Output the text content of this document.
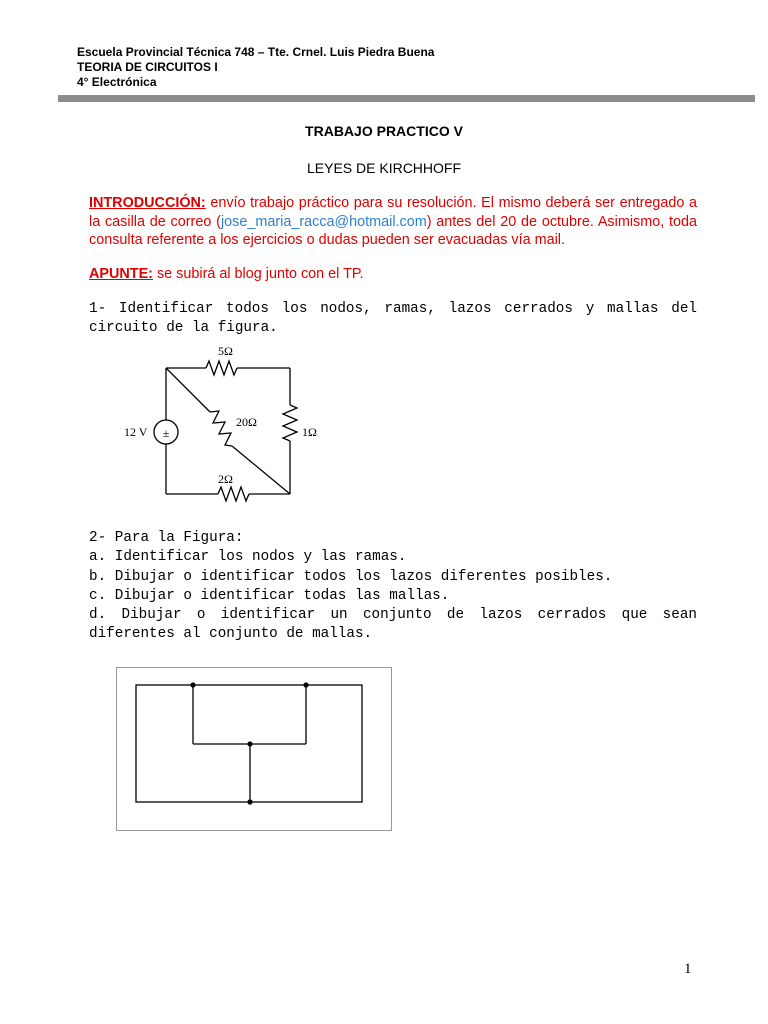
Escuela Provincial Técnica 748 – Tte. Crnel. Luis Piedra Buena
TEORIA DE CIRCUITOS I
4° Electrónica
TRABAJO PRACTICO V
LEYES DE KIRCHHOFF
INTRODUCCIÓN: envío trabajo práctico para su resolución. El mismo deberá ser entregado a la casilla de correo (jose_maria_racca@hotmail.com) antes del 20 de octubre. Asimismo, toda consulta referente a los ejercicios o dudas pueden ser evacuadas vía mail.
APUNTE: se subirá al blog junto con el TP.
1- Identificar todos los nodos, ramas, lazos cerrados y mallas del circuito de la figura.
±
12 V
5Ω
20Ω
1Ω
2Ω
2- Para la Figura:
a. Identificar los nodos y las ramas.
b. Dibujar o identificar todos los lazos diferentes posibles.
c. Dibujar o identificar todas las mallas.
d. Dibujar o identificar un conjunto de lazos cerrados que sean diferentes al conjunto de mallas.
1
